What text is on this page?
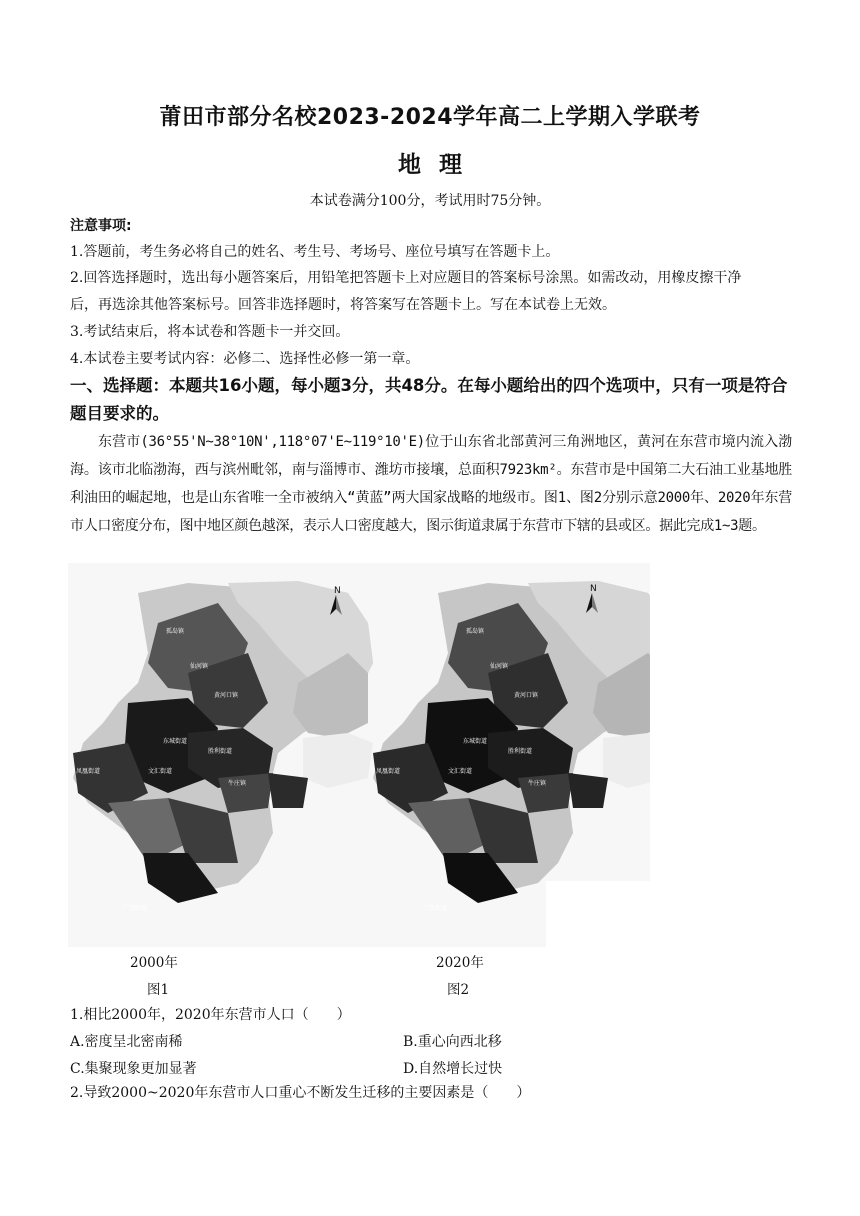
莆田市部分名校2023-2024学年高二上学期入学联考
地理
本试卷满分100分，考试用时75分钟。
注意事项:
1.答题前，考生务必将自己的姓名、考生号、考场号、座位号填写在答题卡上。
2.回答选择题时，选出每小题答案后，用铅笔把答题卡上对应题目的答案标号涂黑。如需改动，用橡皮擦干净
后，再选涂其他答案标号。回答非选择题时，将答案写在答题卡上。写在本试卷上无效。
3.考试结束后，将本试卷和答题卡一并交回。
4.本试卷主要考试内容：必修二、选择性必修一第一章。
一、选择题：本题共16小题，每小题3分，共48分。在每小题给出的四个选项中，只有一项是符合题目要求的。
东营市(36°55'N~38°10N',118°07'E~119°10'E)位于山东省北部黄河三角洲地区，黄河在东营市境内流入渤海。该市北临渤海，西与滨州毗邻，南与淄博市、潍坊市接壤，总面积7923km²。东营市是中国第二大石油工业基地胜利油田的崛起地，也是山东省唯一全市被纳入“黄蓝”两大国家战略的地级市。图1、图2分别示意2000年、2020年东营市人口密度分布，图中地区颜色越深，表示人口密度越大，图示街道隶属于东营市下辖的县或区。据此完成1~3题。
孤岛镇
仙河镇
黄河口镇
东城街道
胜利街道
凤凰街道	文汇街道
牛庄镇
广饶街道
N
孤岛镇
仙河镇
黄河口镇
东城街道
胜利街道
凤凰街道	文汇街道
牛庄镇
广饶街道
N
2000年
图1
2020年
图2
1.相比2000年，2020年东营市人口（　　）
A.密度呈北密南稀	B.重心向西北移
C.集聚现象更加显著	D.自然增长过快
2.导致2000~2020年东营市人口重心不断发生迁移的主要因素是（　　）
